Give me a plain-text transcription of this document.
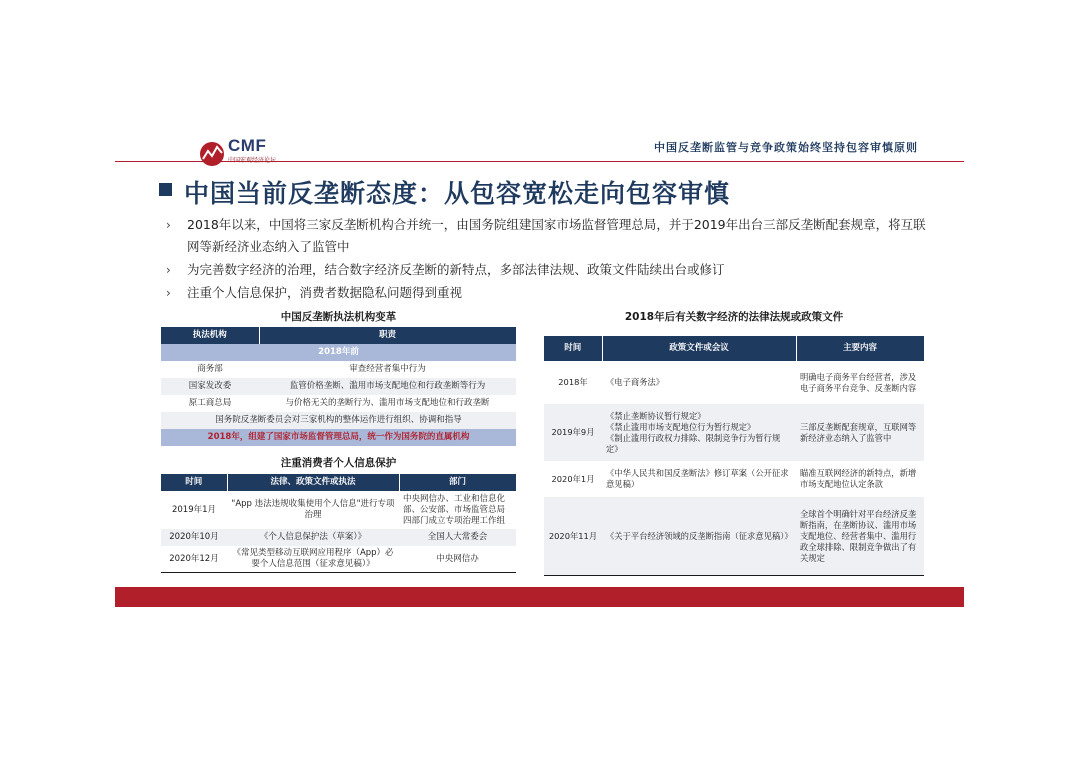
CMF	中国反垄断监管与竞争政策始终坚持包容审慎原则
中国当前反垄断态度：从包容宽松走向包容审慎
› 2018年以来，中国将三家反垄断机构合并统一，由国务院组建国家市场监督管理总局，并于2019年出台三部反垄断配套规章，将互联网等新经济业态纳入了监管中
› 为完善数字经济的治理，结合数字经济反垄断的新特点，多部法律法规、政策文件陆续出台或修订
› 注重个人信息保护，消费者数据隐私问题得到重视
中国反垄断执法机构变革
执法机构	职责
2018年前	
商务部	审查经营者集中行为
国家发改委	监管价格垄断、滥用市场支配地位和行政垄断等行为
原工商总局	与价格无关的垄断行为、滥用市场支配地位和行政垄断
国务院反垄断委员会对三家机构的整体运作进行组织、协调和指导	
2018年，组建了国家市场监督管理总局，统一作为国务院的直属机构	
注重消费者个人信息保护
时间	法律、政策文件或执法	部门
2019年1月	"App 违法违规收集使用个人信息"进行专项治理	中央网信办、工业和信息化部、公安部、市场监管总局四部门成立专项治理工作组
2020年10月	《个人信息保护法（草案）》	全国人大常委会
2020年12月	《常见类型移动互联网应用程序（App）必要个人信息范围（征求意见稿）》	中央网信办
2018年后有关数字经济的法律法规或政策文件
时间	政策文件或会议	主要内容
2018年	《电子商务法》	明确电子商务平台经营者，涉及电子商务平台竞争、反垄断内容
2019年9月	《禁止垄断协议暂行规定》
《禁止滥用市场支配地位行为暂行规定》
《制止滥用行政权力排除、限制竞争行为暂行规定》	三部反垄断配套规章，互联网等新经济业态纳入了监管中
2020年1月	《中华人民共和国反垄断法》修订草案（公开征求意见稿）	瞄准互联网经济的新特点，新增市场支配地位认定条款
2020年11月	《关于平台经济领域的反垄断指南（征求意见稿）》	全球首个明确针对平台经济反垄断指南，在垄断协议、滥用市场支配地位、经营者集中、滥用行政全球排除、限制竞争做出了有关规定
